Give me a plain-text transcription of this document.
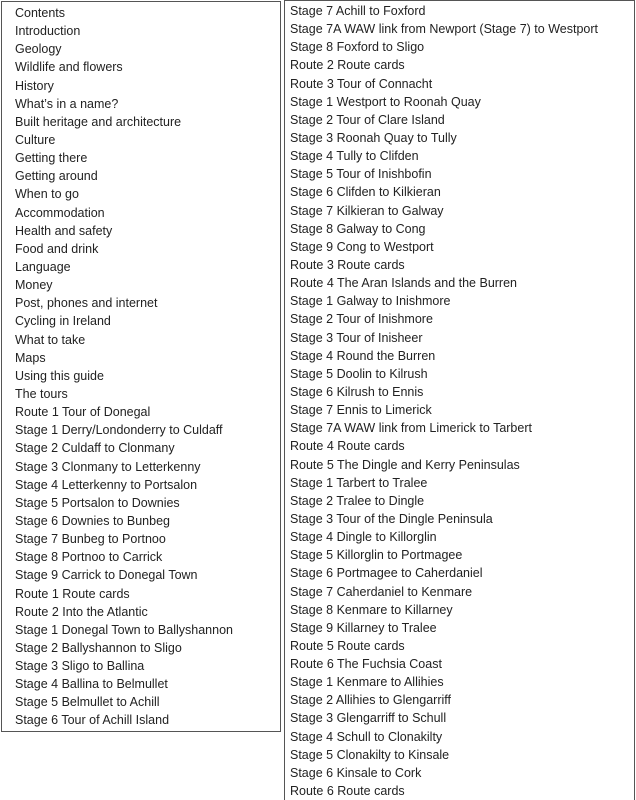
Contents
Introduction
Geology
Wildlife and flowers
History
What’s in a name?
Built heritage and architecture
Culture
Getting there
Getting around
When to go
Accommodation
Health and safety
Food and drink
Language
Money
Post, phones and internet
Cycling in Ireland
What to take
Maps
Using this guide
The tours
Route 1 Tour of Donegal
Stage 1 Derry/Londonderry to Culdaff
Stage 2 Culdaff to Clonmany
Stage 3 Clonmany to Letterkenny
Stage 4 Letterkenny to Portsalon
Stage 5 Portsalon to Downies
Stage 6 Downies to Bunbeg
Stage 7 Bunbeg to Portnoo
Stage 8 Portnoo to Carrick
Stage 9 Carrick to Donegal Town
Route 1 Route cards
Route 2 Into the Atlantic
Stage 1 Donegal Town to Ballyshannon
Stage 2 Ballyshannon to Sligo
Stage 3 Sligo to Ballina
Stage 4 Ballina to Belmullet
Stage 5 Belmullet to Achill
Stage 6 Tour of Achill Island
Stage 7 Achill to Foxford
Stage 7A WAW link from Newport (Stage 7) to Westport
Stage 8 Foxford to Sligo
Route 2 Route cards
Route 3 Tour of Connacht
Stage 1 Westport to Roonah Quay
Stage 2 Tour of Clare Island
Stage 3 Roonah Quay to Tully
Stage 4 Tully to Clifden
Stage 5 Tour of Inishbofin
Stage 6 Clifden to Kilkieran
Stage 7 Kilkieran to Galway
Stage 8 Galway to Cong
Stage 9 Cong to Westport
Route 3 Route cards
Route 4 The Aran Islands and the Burren
Stage 1 Galway to Inishmore
Stage 2 Tour of Inishmore
Stage 3 Tour of Inisheer
Stage 4 Round the Burren
Stage 5 Doolin to Kilrush
Stage 6 Kilrush to Ennis
Stage 7 Ennis to Limerick
Stage 7A WAW link from Limerick to Tarbert
Route 4 Route cards
Route 5 The Dingle and Kerry Peninsulas
Stage 1 Tarbert to Tralee
Stage 2 Tralee to Dingle
Stage 3 Tour of the Dingle Peninsula
Stage 4 Dingle to Killorglin
Stage 5 Killorglin to Portmagee
Stage 6 Portmagee to Caherdaniel
Stage 7 Caherdaniel to Kenmare
Stage 8 Kenmare to Killarney
Stage 9 Killarney to Tralee
Route 5 Route cards
Route 6 The Fuchsia Coast
Stage 1 Kenmare to Allihies
Stage 2 Allihies to Glengarriff
Stage 3 Glengarriff to Schull
Stage 4 Schull to Clonakilty
Stage 5 Clonakilty to Kinsale
Stage 6 Kinsale to Cork
Route 6 Route cards
